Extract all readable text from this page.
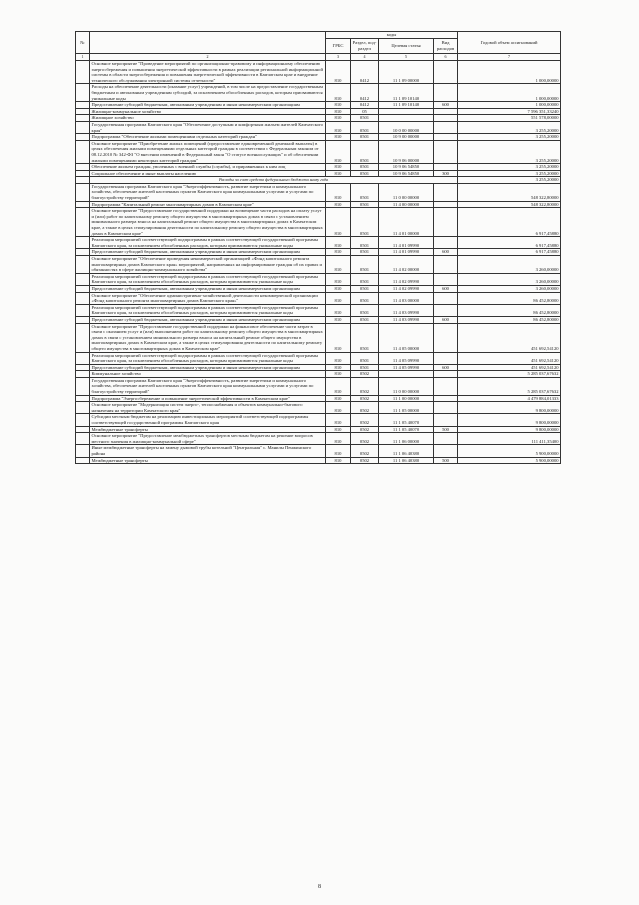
№		коды				Годовой объем ассигнований
		ГРБС	Раздел, под-раздел	Целевая статья	Вид расходов	
1	2	3	4	5	6	7
	Основное мероприятие "Проведение мероприятий по организационно-правовому и информационному обеспечению энергосбережения и повышения энергетической эффективности в рамках реализации региональной информационной системы в области энергосбережения и повышения энергетической эффективности в Камчатском крае и внедрение технического обслуживания электронной системы отчетности"	810	0412	11 1 09 00000		1 000,00000
	Расходы на обеспечение деятельности (оказание услуг) учреждений, в том числе на предоставление государственным бюджетным и автономным учреждениям субсидий, за исключением обособленных расходов, которым присваиваются уникальные коды	810	0412	11 1 09 10140		1 000,00000
	Предоставление субсидий бюджетным, автономным учреждениям и иным некоммерческим организациям	810	0412	11 1 09 10140	600	1 000,00000
	Жилищно-коммунальное хозяйство	810	05			7 596 351,33240
	Жилищное хозяйство	810	0501			551 578,00000
	Государственная программа Камчатского края "Обеспечение доступным и комфортным жильем жителей Камчатского края"	810	0501	10 0 00 00000		3 255,20000
	Подпрограмма "Обеспечение жилыми помещениями отдельных категорий граждан"	810	0501	10 9 00 00000		3 255,20000
	Основное мероприятие "Приобретение жилых помещений (предоставление единовременной денежной выплаты) в целях обеспечения жилыми помещениями отдельных категорий граждан в соответствии с Федеральным законом от 08.12.2010 № 342-ФЗ "О внесении изменений в Федеральный закон "О статусе военнослужащих" и об обеспечении жилыми помещениями некоторых категорий граждан"	810	0501	10 9 06 00000		3 255,20000
	Обеспечение жильем граждан, уволенных с военной службы (службы), и приравненных к ним лиц	810	0501	10 9 06 54850		3 255,20000
	Социальное обеспечение и иные выплаты населению	810	0501	10 9 06 54850	300	3 255,20000
	Расходы за счет средств федерального бюджета внизу года					3 255,20000
	Государственная программа Камчатского края "Энергоэффективность, развитие энергетики и коммунального хозяйства, обеспечение жителей населенных пунктов Камчатского края коммунальными услугами и услугами по благоустройству территорий"	810	0501	11 0 00 00000		548 322,80000
	Подпрограмма "Капитальный ремонт многоквартирных домов в Камчатском крае"	810	0501	11 4 00 00000		548 322,80000
	Основное мероприятие "Предоставление государственной поддержки на возмещение части расходов на оплату услуг и (или) работ по капитальному ремонту общего имущества в многоквартирных домах в связи с установлением минимального размера взноса на капитальный ремонт общего имущества в многоквартирных домах в Камчатском крае, а также в целях стимулирования деятельности по капитальному ремонту общего имущества в многоквартирных домах в Камчатском крае"	810	0501	11 4 01 00000		6 917,45880
	Реализация мероприятий соответствующей подпрограммы в рамках соответствующей государственной программы Камчатского края, за исключением обособленных расходов, которым присваиваются уникальные коды	810	0501	11 4 01 09990		6 917,45880
	Предоставление субсидий бюджетным, автономным учреждениям и иным некоммерческим организациям	810	0501	11 4 01 09990	600	6 917,45880
	Основное мероприятие "Обеспечение проведения некоммерческой организацией «Фонд капитального ремонта многоквартирных домов Камчатского края» мероприятий, направленных на информирование граждан об их правах и обязанностях в сфере жилищно-коммунального хозяйства"	810	0501	11 4 02 00000		3 260,00000
	Реализация мероприятий соответствующей подпрограммы в рамках соответствующей государственной программы Камчатского края, за исключением обособленных расходов, которым присваиваются уникальные коды	810	0501	11 4 02 09990		3 260,00000
	Предоставление субсидий бюджетным, автономным учреждениям и иным некоммерческим организациям	810	0501	11 4 02 09990	600	3 260,00000
	Основное мероприятие "Обеспечение административно-хозяйственной деятельности некоммерческой организации «Фонд капитального ремонта многоквартирных домов Камчатского края»"	810	0501	11 4 03 00000		86 452,80000
	Реализация мероприятий соответствующей подпрограммы в рамках соответствующей государственной программы Камчатского края, за исключением обособленных расходов, которым присваиваются уникальные коды	810	0501	11 4 03 09990		86 452,80000
	Предоставление субсидий бюджетным, автономным учреждениям и иным некоммерческим организациям	810	0501	11 4 03 09990	600	86 452,80000
	Основное мероприятие "Предоставление государственной поддержки на финансовое обеспечение части затрат в связи с оказанием услуг и (или) выполнением работ по капитальному ремонту общего имущества в многоквартирных домах в связи с установлением минимального размера взноса на капитальный ремонт общего имущества в многоквартирных домах в Камчатском крае, а также в целях стимулирования деятельности по капитальному ремонту общего имущества в многоквартирных домах в Камчатском крае"	810	0501	11 4 05 00000		451 692,54120
	Реализация мероприятий соответствующей подпрограммы в рамках соответствующей государственной программы Камчатского края, за исключением обособленных расходов, которым присваиваются уникальные коды	810	0501	11 4 05 09990		451 692,54120
	Предоставление субсидий бюджетным, автономным учреждениям и иным некоммерческим организациям	810	0501	11 4 05 09990	600	451 692,54120
	Коммунальное хозяйство	810	0502			5 285 037,67632
	Государственная программа Камчатского края "Энергоэффективность, развитие энергетики и коммунального хозяйства, обеспечение жителей населенных пунктов Камчатского края коммунальными услугами и услугами по благоустройству территорий"	810	0502	11 0 00 00000		5 285 037,67632
	Подпрограмма "Энергосбережение и повышение энергетической эффективности в Камчатском крае"	810	0502	11 1 00 00000		4 479 884,01333
	Основное мероприятие "Модернизация систем энерго-, теплоснабжения и объектов коммунально-бытового назначения на территории Камчатского края"	810	0502	11 1 05 00000		9 800,00000
	Субсидии местным бюджетам на реализацию инвестиционных мероприятий соответствующей подпрограммы соответствующей государственной программы Камчатского края	810	0502	11 1 05 40070		9 800,00000
	Межбюджетные трансферты	810	0502	11 1 05 40070	500	9 800,00000
	Основное мероприятие "Предоставление межбюджетных трансфертов местным бюджетам на решение вопросов местного значения в жилищно-коммунальной сфере"	810	0502	11 1 06 00000		111 411,35400
	Иные межбюджетные трансферты на замену дымовой трубы котельной "Центральная" с. Манилы Пенжинского района	810	0502	11 1 06 40380		5 900,00000
	Межбюджетные трансферты	810	0502	11 1 06 40380	500	5 900,00000
8
